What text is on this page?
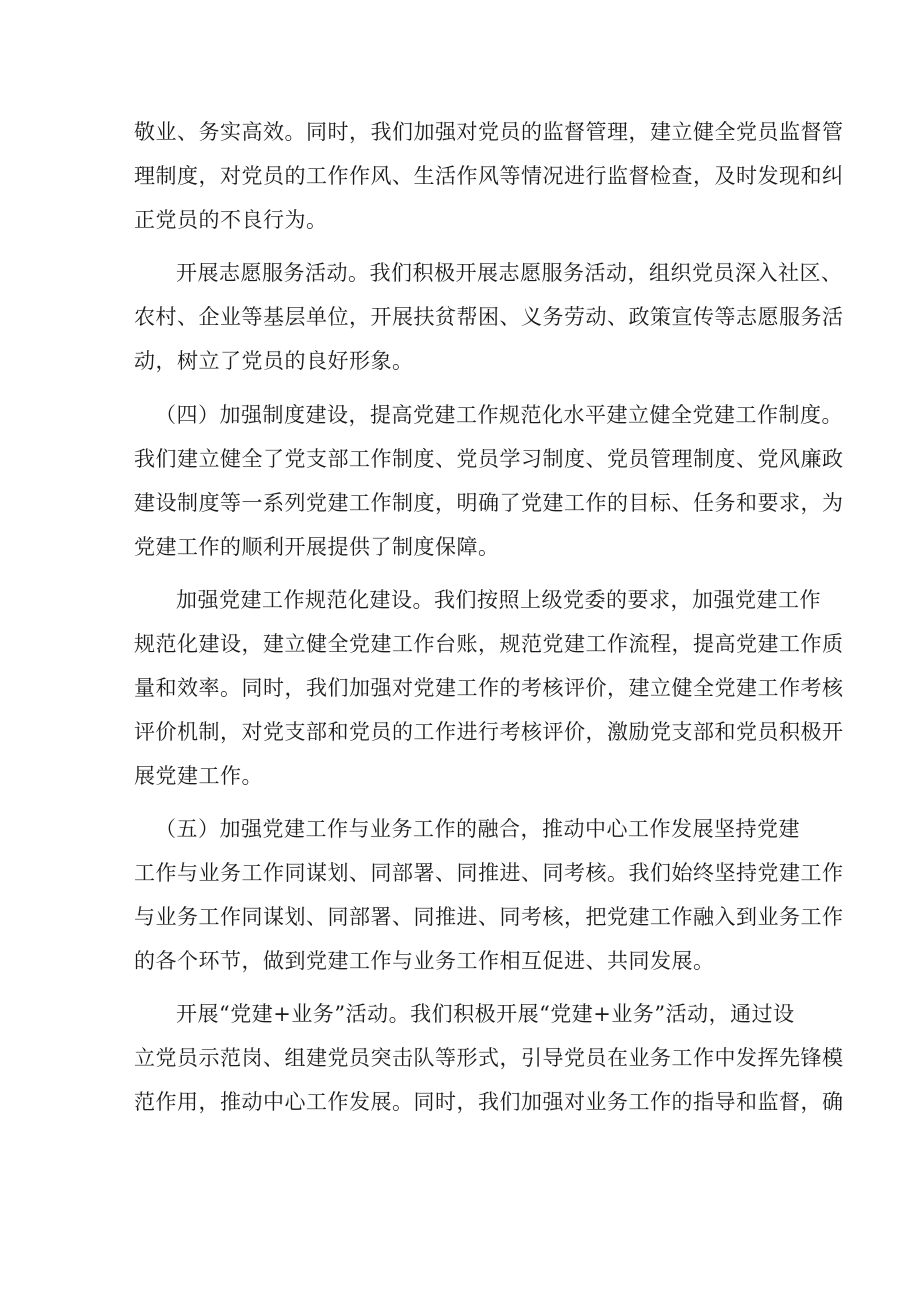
敬业、务实高效。同时，我们加强对党员的监督管理，建立健全党员监督管
理制度，对党员的工作作风、生活作风等情况进行监督检查，及时发现和纠
正党员的不良行为。
开展志愿服务活动。我们积极开展志愿服务活动，组织党员深入社区、
农村、企业等基层单位，开展扶贫帮困、义务劳动、政策宣传等志愿服务活
动，树立了党员的良好形象。
（四）加强制度建设，提高党建工作规范化水平建立健全党建工作制度。
我们建立健全了党支部工作制度、党员学习制度、党员管理制度、党风廉政
建设制度等一系列党建工作制度，明确了党建工作的目标、任务和要求，为
党建工作的顺利开展提供了制度保障。
加强党建工作规范化建设。我们按照上级党委的要求，加强党建工作
规范化建设，建立健全党建工作台账，规范党建工作流程，提高党建工作质
量和效率。同时，我们加强对党建工作的考核评价，建立健全党建工作考核
评价机制，对党支部和党员的工作进行考核评价，激励党支部和党员积极开
展党建工作。
（五）加强党建工作与业务工作的融合，推动中心工作发展坚持党建
工作与业务工作同谋划、同部署、同推进、同考核。我们始终坚持党建工作
与业务工作同谋划、同部署、同推进、同考核，把党建工作融入到业务工作
的各个环节，做到党建工作与业务工作相互促进、共同发展。
开展“党建+业务”活动。我们积极开展“党建+业务”活动，通过设
立党员示范岗、组建党员突击队等形式，引导党员在业务工作中发挥先锋模
范作用，推动中心工作发展。同时，我们加强对业务工作的指导和监督，确
